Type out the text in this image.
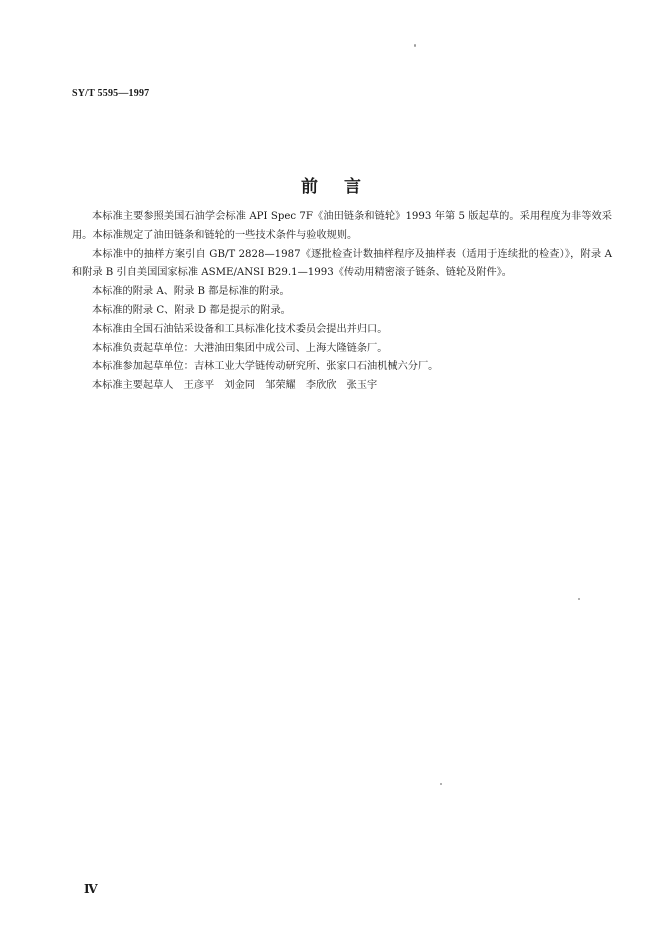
SY/T 5595—1997
前言

本标准主要参照美国石油学会标准 API Spec 7F《油田链条和链轮》1993 年第 5 版起草的。采用程度为非等效采用。本标准规定了油田链条和链轮的一些技术条件与验收规则。

本标准中的抽样方案引自 GB/T 2828—1987《逐批检查计数抽样程序及抽样表（适用于连续批的检查）》，附录 A 和附录 B 引自美国国家标准 ASME/ANSI B29.1—1993《传动用精密滚子链条、链轮及附件》。

本标准的附录 A、附录 B 都是标准的附录。

本标准的附录 C、附录 D 都是提示的附录。

本标准由全国石油钻采设备和工具标准化技术委员会提出并归口。

本标准负责起草单位：大港油田集团中成公司、上海大隆链条厂。

本标准参加起草单位：吉林工业大学链传动研究所、张家口石油机械六分厂。

本标准主要起草人　王彦平　刘金同　邹荣耀　李欣欣　张玉宇

Ⅳ
